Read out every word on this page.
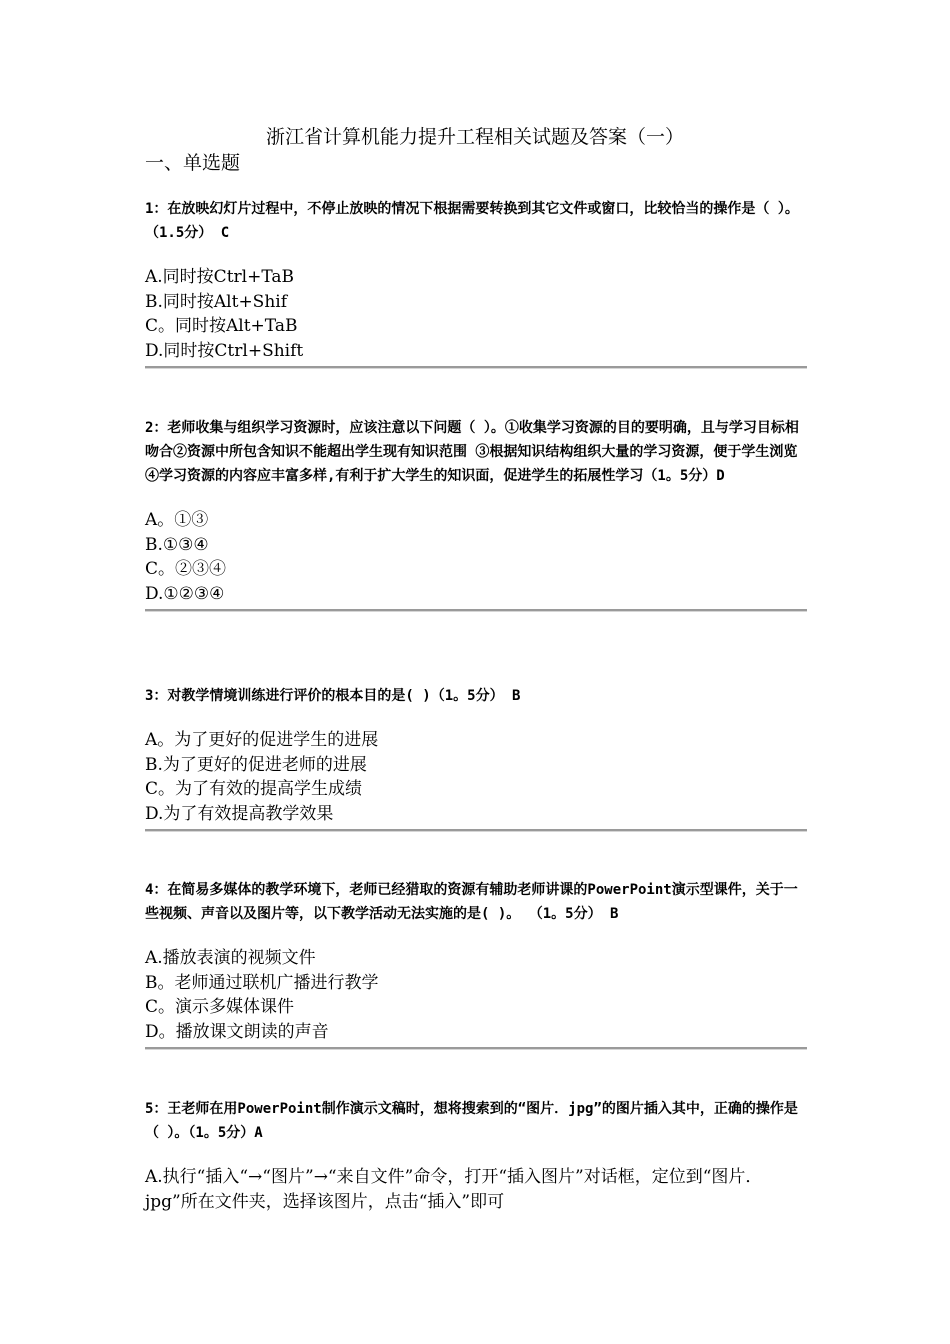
浙江省计算机能力提升工程相关试题及答案（一）
一、单选题

1：在放映幻灯片过程中，不停止放映的情况下根据需要转换到其它文件或窗口，比较恰当的操作是（ ）。（1.5分） C

A.同时按Ctrl+TaB
B.同时按Alt+Shif
C。同时按Alt+TaB
D.同时按Ctrl+Shift

2：老师收集与组织学习资源时，应该注意以下问题（ ）。①收集学习资源的目的要明确，且与学习目标相吻合②资源中所包含知识不能超出学生现有知识范围 ③根据知识结构组织大量的学习资源，便于学生浏览④学习资源的内容应丰富多样,有利于扩大学生的知识面，促进学生的拓展性学习（1。5分）D

A。①③
B.①③④
C。②③④
D.①②③④

3：对教学情境训练进行评价的根本目的是( )（1。5分） B

A。为了更好的促进学生的进展
B.为了更好的促进老师的进展
C。为了有效的提高学生成绩
D.为了有效提高教学效果

4：在简易多媒体的教学环境下，老师已经猎取的资源有辅助老师讲课的PowerPoint演示型课件，关于一些视频、声音以及图片等，以下教学活动无法实施的是( )。 （1。5分） B

A.播放表演的视频文件
B。老师通过联机广播进行教学
C。演示多媒体课件
D。播放课文朗读的声音

5：王老师在用PowerPoint制作演示文稿时，想将搜索到的“图片．jpg”的图片插入其中，正确的操作是（ ）。（1。5分）A

A.执行“插入“→“图片”→“来自文件”命令，打开“插入图片”对话框，定位到“图片．jpg”所在文件夹，选择该图片，点击“插入”即可
